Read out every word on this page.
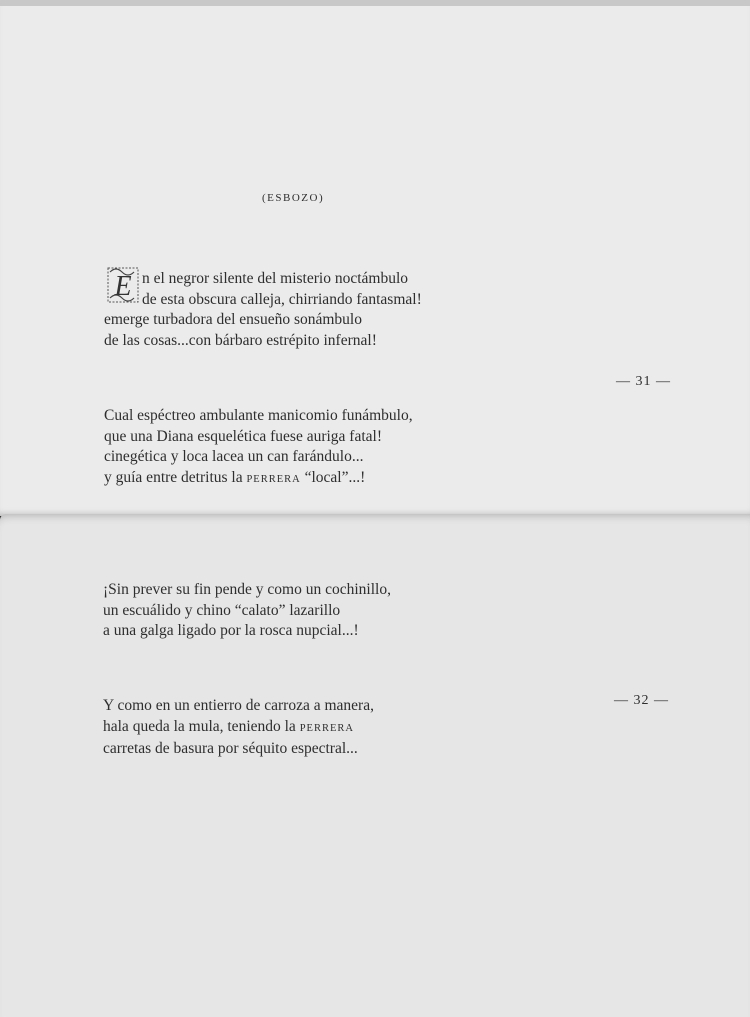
(ESBOZO)
E n el negror silente del misterio noctámbulo
de esta obscura calleja, chirriando fantasmal!
emerge turbadora del ensueño sonámbulo
de las cosas...con bárbaro estrépito infernal!
— 31 —
Cual espéctreo ambulante manicomio funámbulo,
que una Diana esquelética fuese auriga fatal!
cinegética y loca lacea un can farándulo...
y guía entre detritus la PERRERA “local”...!
¡Sin prever su fin pende y como un cochinillo,
un escuálido y chino “calato” lazarillo
a una galga ligado por la rosca nupcial...!
— 32 —
Y como en un entierro de carroza a manera,
hala queda la mula, teniendo la PERRERA
carretas de basura por séquito espectral...
